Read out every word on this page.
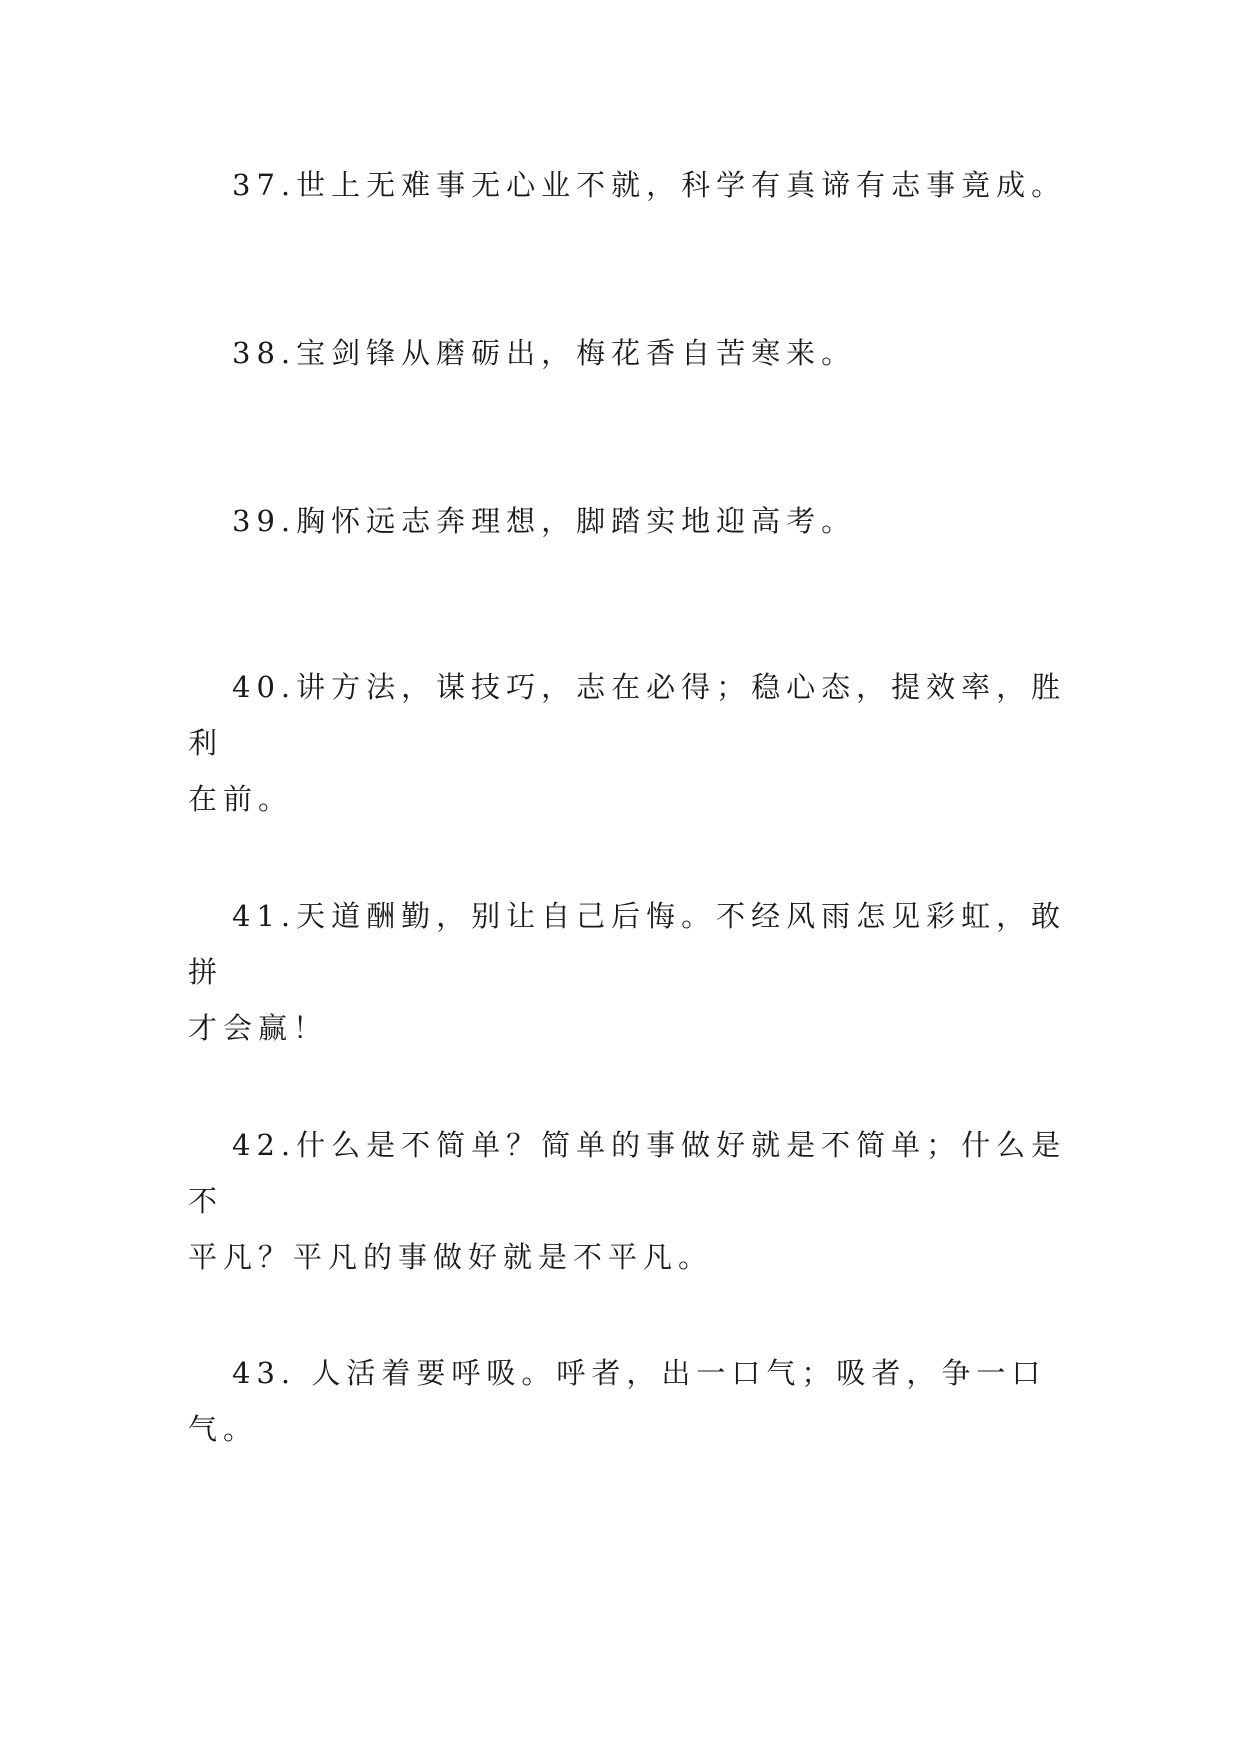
37.世上无难事无心业不就，科学有真谛有志事竟成。

38.宝剑锋从磨砺出，梅花香自苦寒来。

39.胸怀远志奔理想，脚踏实地迎高考。

40.讲方法，谋技巧，志在必得；稳心态，提效率，胜利
在前。

41.天道酬勤，别让自己后悔。不经风雨怎见彩虹，敢拼
才会赢！

42.什么是不简单？简单的事做好就是不简单；什么是不
平凡？平凡的事做好就是不平凡。

43. 人活着要呼吸。呼者，出一口气；吸者，争一口气。
